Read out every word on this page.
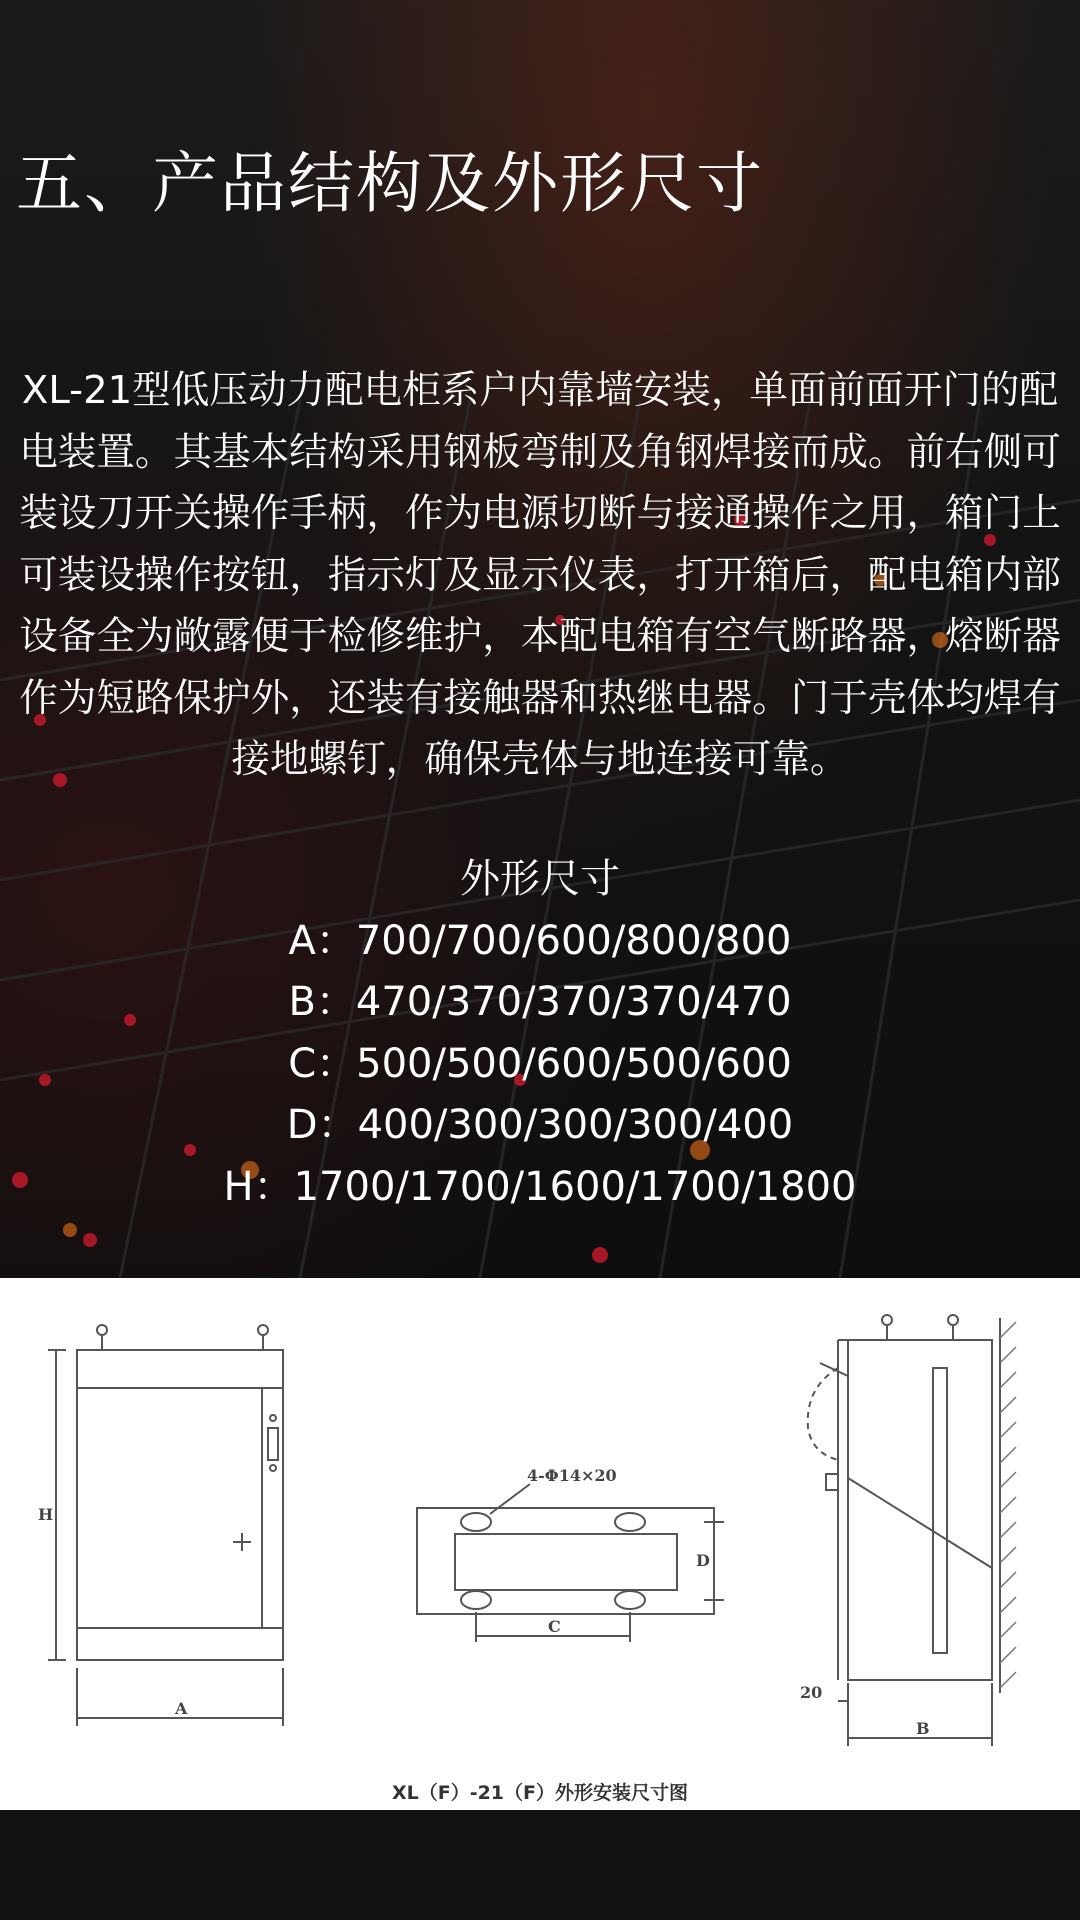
五、产品结构及外形尺寸

XL-21型低压动力配电柜系户内靠墙安装，单面前面开门的配电装置。其基本结构采用钢板弯制及角钢焊接而成。前右侧可装设刀开关操作手柄，作为电源切断与接通操作之用，箱门上可装设操作按钮，指示灯及显示仪表，打开箱后，配电箱内部设备全为敞露便于检修维护，本配电箱有空气断路器，熔断器作为短路保护外，还装有接触器和热继电器。门于壳体均焊有接地螺钉，确保壳体与地连接可靠。

外形尺寸
A：700/700/600/800/800
B：470/370/370/370/470
C：500/500/600/500/600
D：400/300/300/300/400
H：1700/1700/1600/1700/1800
H
A
4-Φ14×20
C
D
20
B
XL（F）-21（F）外形安装尺寸图
